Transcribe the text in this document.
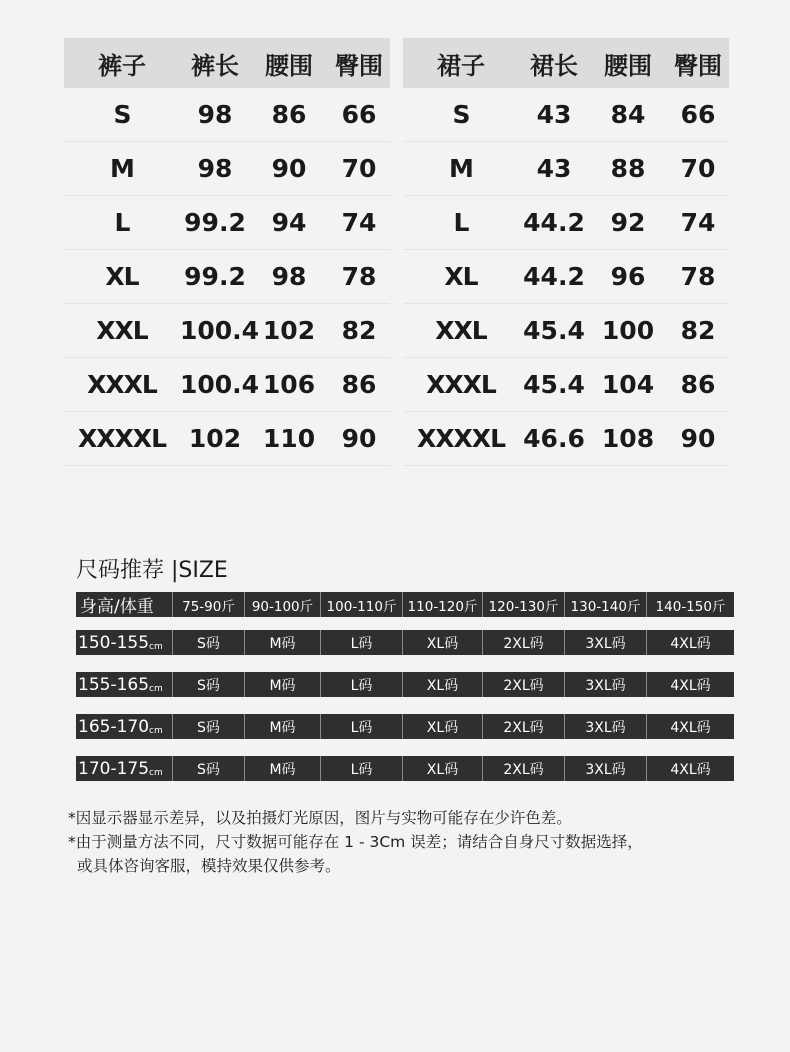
裤子	裤长	腰围 臀围
S	98	86	66
M	98	90	70
L	99.2	94	74
XL	99.2	98	78
XXL	100.4 102	82
XXXL 100.4 106	86
XXXXL 102 110	90
裙子	裙长	腰围 臀围
S	43	84	66
M	43	88	70
L	44.2	92	74
XL	44.2	96	78
XXL	45.4 100	82
XXXL	45.4 104	86
XXXXL 46.6 108	90
尺码推荐 |SIZE
身高/体重	75-90斤	90-100斤 100-110斤 110-120斤 120-130斤 130-140斤	140-150斤
150-155 cm	S码	M码	L码	XL码	2XL码	3XL码	4XL码
155-165 cm	S码	M码	L码	XL码	2XL码	3XL码	4XL码
165-170 cm	S码	M码	L码	XL码	2XL码	3XL码	4XL码
170-175 cm	S码	M码	L码	XL码	2XL码	3XL码	4XL码
*因显示器显示差异，以及拍摄灯光原因，图片与实物可能存在少许色差。
*由于测量方法不同，尺寸数据可能存在 1 - 3Cm 误差；请结合自身尺寸数据选择，
或具体咨询客服，模持效果仅供参考。
